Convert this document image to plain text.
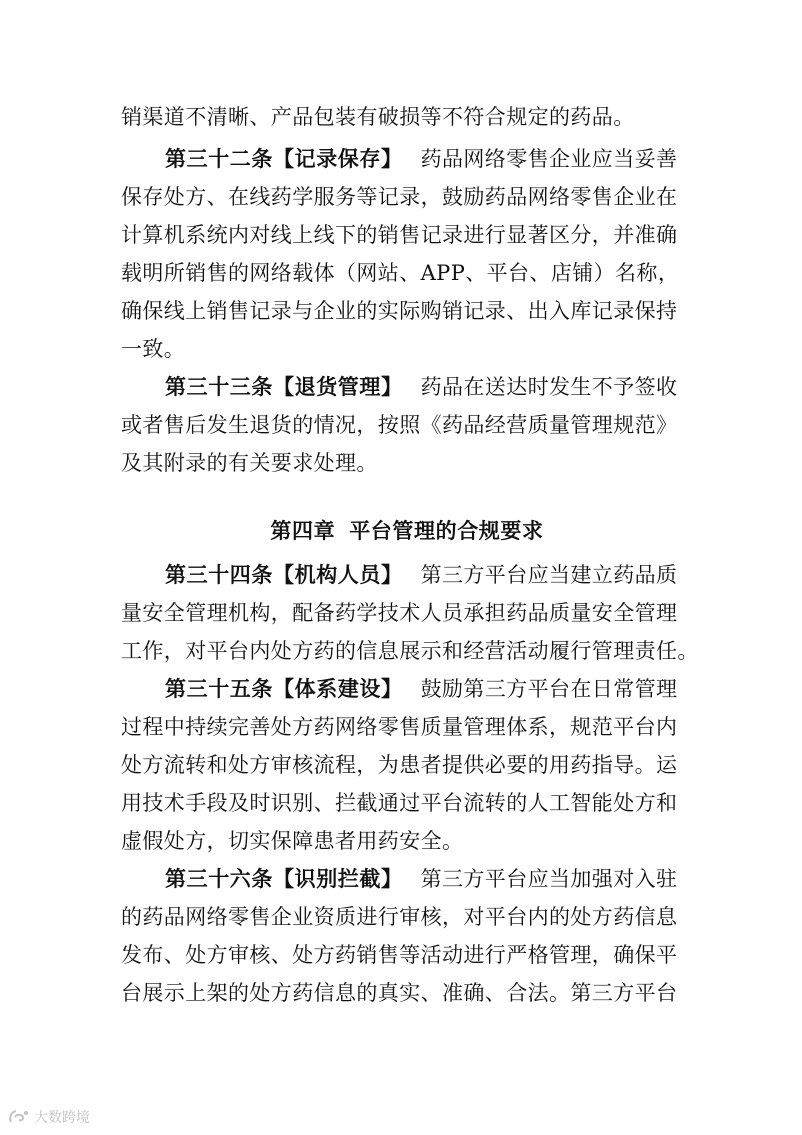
销渠道不清晰、产品包装有破损等不符合规定的药品。
第三十二条【记录保存】 药品网络零售企业应当妥善
保存处方、在线药学服务等记录，鼓励药品网络零售企业在
计算机系统内对线上线下的销售记录进行显著区分，并准确
载明所销售的网络载体（网站、APP、平台、店铺）名称，
确保线上销售记录与企业的实际购销记录、出入库记录保持
一致。
第三十三条【退货管理】 药品在送达时发生不予签收
或者售后发生退货的情况，按照《药品经营质量管理规范》
及其附录的有关要求处理。
第四章 平台管理的合规要求
第三十四条【机构人员】 第三方平台应当建立药品质
量安全管理机构，配备药学技术人员承担药品质量安全管理
工作，对平台内处方药的信息展示和经营活动履行管理责任。
第三十五条【体系建设】 鼓励第三方平台在日常管理
过程中持续完善处方药网络零售质量管理体系，规范平台内
处方流转和处方审核流程，为患者提供必要的用药指导。运
用技术手段及时识别、拦截通过平台流转的人工智能处方和
虚假处方，切实保障患者用药安全。
第三十六条【识别拦截】 第三方平台应当加强对入驻
的药品网络零售企业资质进行审核，对平台内的处方药信息
发布、处方审核、处方药销售等活动进行严格管理，确保平
台展示上架的处方药信息的真实、准确、合法。第三方平台
大数跨境
